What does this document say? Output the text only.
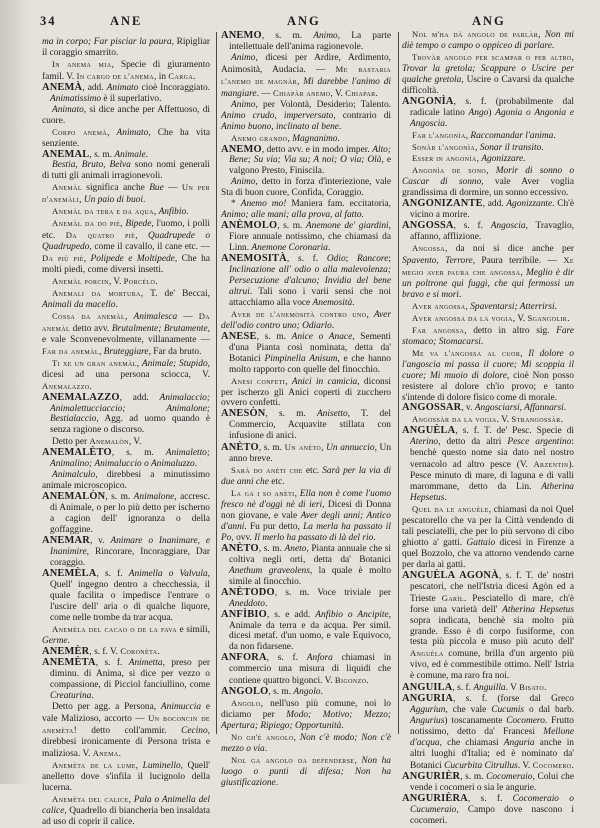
34	ANE	ANG	ANG

ma in corpo; Far pisciar la paura, Ripigliar il coraggio smarrito.

In anema mia, Specie di giuramento famil. V. In cargo de l'anema, in Carga.

ANEMÀ, add. Animato cioè Incoraggiato. Animatissimo è il superlativo.

Animato, si dice anche per Affettuoso, di cuore.

Corpo anemà, Animato, Che ha vita senziente.

ANEMAL, s. m. Animale.

Bestia, Bruto, Belva sono nomi generali di tutti gli animali irragionevoli.

Anemàl significa anche Bue — Un per d'anemàli, Un paio di buoi.

Anemàl da tera e da aqua, Anfibio.

Anemàl da do piè, Bipede, l'uomo, i polli etc. Da quatro piè, Quadrupede o Quadrupedo, come il cavallo, il cane etc. — Da più piè, Polipede e Moltipede, Che ha molti piedi, come diversi insetti.

Anemàl porcin, V. Porcèlo.

Anemali da mortura, T. de' Beccai, Animali da macello.

Cossa da anemàl, Animalesca — Da anemàl detto avv. Brutalmente; Brutamente, e vale Sconvenevolmente, villanamente — Far da anemàl, Bruteggiare, Far da bruto.

Ti xe un gran anemàl, Animale; Stupido, dicesi ad una persona sciocca, V. Anemalazzo.

ANEMALAZZO, add. Animalaccio; Animalettucciaccio; Animalone; Bestialaccio, Agg. ad uomo quando è senza ragione o discorso.

Detto per Anemalòn, V.

ANEMALÈTO, s. m. Animaletto; Animalino; Animaluccio o Animaluzzo.

Animalculo, direbbesi a minutissimo animale microscopico.

ANEMALÒN, s. m. Animalone, accresc. di Animale, o per lo più detto per ischerno a cagion dell' ignoranza o della goffaggine.

ANEMAR, v. Animare o Inanimare, e Inanimire, Rincorare, Incoraggiare, Dar coraggio.

ANEMÈLA, s. f. Animella o Valvula, Quell' ingegno dentro a checchessia, il quale facilita o impedisce l'entrare o l'uscire dell' aria o di qualche liquore, come nelle trombe da trar acqua.

Anemèla del cacao o de la fava e simili, Germe.

ANEMÈR, s. f. V. Coronèta.

ANEMÈTA, s. f. Animetta, preso per diminu. di Anima, si dice per vezzo o compassione, di Picciol fanciullino, come Creaturina.

Detto per agg. a Persona, Animuccia e vale Malizioso, accorto — Un boconcin de anemèta! detto coll'ammir. Cecino, direbbesi ironicamente di Persona trista e maliziosa. V. Anema.

Anemèta de la lume, Luminello, Quell' anelletto dove s'infila il lucignolo della lucerna.

Anemèta del calice, Pala o Animella del calice, Quadrello di biancheria ben insaldata ad uso di coprir il calice.

ANEMO, s. m. Animo, La parte intellettuale dell'anima ragionevole.

Animo, dicesi per Ardire, Ardimento, Animosità, Audacia. — Me bastaria l'anemo de magnàr, Mi darebbe l'animo di mangiare. — Chiapàr anemo, V. Chiapar.

Animo, per Volontà, Desiderio; Talento. Animo crudo, imperversato, contrario di Animo buono, inclinato al bene.

Anemo grando, Magnanimo.

ANEMO, detto avv. e in modo imper. Alto; Bene; Su via; Via su; A noi; O via; Olà, e valgono Presto, Finiscila.

Animo, detto in forza d'interiezione, vale Sta di buon cuore, Confida, Coraggio.

* Anemo mo! Maniera fam. eccitatoria, Animo; alle mani; alla prova, al fatto.

ANÈMOLO, s. m. Anemone de' giardini, Fiore annuale notissimo, che chiamasi da Linn. Anemone Coronaria.

ANEMOSITÀ, s. f. Odio; Rancore; Inclinazione all' odio o alla malevolenza; Persecuzione d'alcuno; Invidia del bene altrui. Tali sono i varii sensi che noi attacchiamo alla voce Anemosità.

Aver de l'anemosità contro uno, Aver dell'odio contro uno; Odiarlo.

ANESE, s. m. Anice o Anace, Sementi d'una Pianta così nominata, detta da' Botanici Pimpinella Anisum, e che hanno molto rapporto con quelle del finocchio.

Anesi confeti, Anici in camicia, diconsi per ischerzo gli Anici coperti di zucchero ovvero confetti.

ANESÒN, s. m. Anisetto, T. del Commercio, Acquavite stillata con infusione di anici.

ANÈTO, s. m. Un anèto, Un annuccio, Un anno breve.

Sarà do anèti che etc. Sarà per la via di due anni che etc.

La ga i so anèti, Ella non è come l'uomo fresco nè d'oggi nè di ieri, Dicesi di Donna non giovane, e vale Aver degli anni; Antico d'anni. Fu pur detto, La merla ha passato il Po, ovv. Il merlo ha passato di là del rio.

ANÈTO, s. m. Aneto, Pianta annuale che si coltiva negli orti, detta da' Botanici Anethum graveolens, la quale è molto simile al finocchio.

ANÈTODO, s. m. Voce triviale per Aneddoto.

ANFÌBIO, s. e add. Anfibio o Ancipite, Animale da terra e da acqua. Per simil. dicesi metaf. d'un uomo, e vale Equivoco, da non fidarsene.

ANFORA, s. f. Anfora chiamasi in commercio una misura di liquidi che contiene quattro bigonci. V. Bigonzo.

ANGOLO, s. m. Angolo.

Angolo, nell'uso più comune, noi lo diciamo per Modo; Motivo; Mezzo; Apertura; Ripiego; Opportunità.

No gh'è angolo, Non c'è modo; Non c'è mezzo o via.

Nol ga angolo da defenderse, Non ha luogo o punti di difesa; Non ha giustificazione.

Nol m'ha dà angolo de parlàr, Non mi diè tempo o campo o oppiceo di parlare.

Trovàr angolo per scampar o per altro, Trovar la gretola; Scappare o Uscire per qualche gretola, Uscire o Cavarsi da qualche difficoltà.

ANGONÌA, s. f. (probabilmente dal radicale latino Ango) Agonia o Angonia e Angoscia.

Far l'angonìa, Raccomandar l'anima.

Sonàr l'angonìa, Sonar il transito.

Esser in angonìa, Agonizzare.

Angonìa de sono, Morir di sonno o Cascar di sonno, vale Aver voglia grandissima di dormire, un sonno eccessivo.

ANGONIZANTE, add. Agonizzante. Ch'è vicino a morire.

ANGOSSA, s. f. Angoscia, Travaglio, affanno, afflizione.

Angossa, da noi si dice anche per Spavento, Terrore, Paura terribile. — Xe megio aver paura che angossa, Meglio è dir un poltrone qui fuggì, che qui fermossi un bravo e si morì.

Aver angossa, Spaventarsi; Atterrirsi.

Aver angossa da la vogia, V. Sgangolir.

Far angossa, detto in altro sig. Fare stomaco; Stomacarsi.

Me va l'angossa al cuor, Il dolore o l'angoscia mi passa il cuore; Mi scoppia il cuore; Mi muoio di dolore, cioè Non posso resistere al dolore ch'io provo; e tanto s'intende di dolore fisico come di morale.

ANGOSSAR, v. Angosciarsi, Affannarsi.

Angossàr da la vogia. V. Strangossàr.

ANGUÈLA, s. f. T. de' Pesc. Specie di Aterino, detto da altri Pesce argentino: benchè questo nome sia dato nel nostro vernacolo ad altro pesce (V. Arzentin). Pesce minuto di mare, di laguna e di valli marommane, detto da Lin. Atherina Hepsetus.

Quel da le anguèle, chiamasi da noi Quel pescatorello che va per la Città vendendo di tali pesciatelli, che per lo più servono di cibo ghiotto a' gatti. Gattaio dicesi in Firenze a quel Bozzolo, che va attorno vendendo carne per darla ai gatti.

ANGUÈLA AGONÀ, s. f. T. de' nostri pescatori, che nell'Istria dicesi Agòn ed a Trieste Garìl. Pesciatello di mare, ch'è forse una varietà dell' Atherina Hepsetus sopra indicata, benchè sia molto più grande. Esso è di corpo fusiforme, con testa più piccola e muso più acuto dell' Anguèla comune, brilla d'un argento più vivo, ed è commestibile ottimo. Nell' Istria è comune, ma raro fra noi.

ANGUILA, s. f. Anguilla. V Bisato.

ANGURIA, s. f. (forse dal Greco Agguriun, che vale Cucumis o dal barb. Angurius) toscanamente Cocomero. Frutto notissimo, detto da' Francesi Mellone d'acqua, che chiamasi Anguria anche in altri luoghi d'Italia; ed è nominato da' Botanici Cucurbita Citrullus. V. Cocomero.

ANGURIÈR, s. m. Cocomeraio, Colui che vende i cocomeri o sia le angurie.

ANGURIÈRA, s. f. Cocomeraio o Cucumeraio, Campo dove nascono i cocomeri.
